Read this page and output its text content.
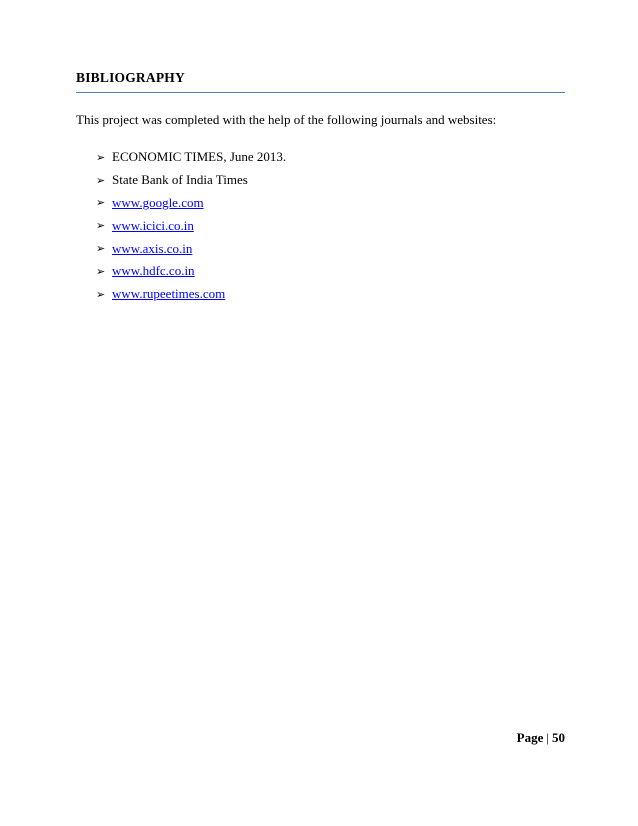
BIBLIOGRAPHY
This project was completed with the help of the following journals and websites:
➢ ECONOMIC TIMES, June 2013.
➢ State Bank of India Times
➢ www.google.com
➢ www.icici.co.in
➢ www.axis.co.in
➢ www.hdfc.co.in
➢ www.rupeetimes.com
Page | 50
